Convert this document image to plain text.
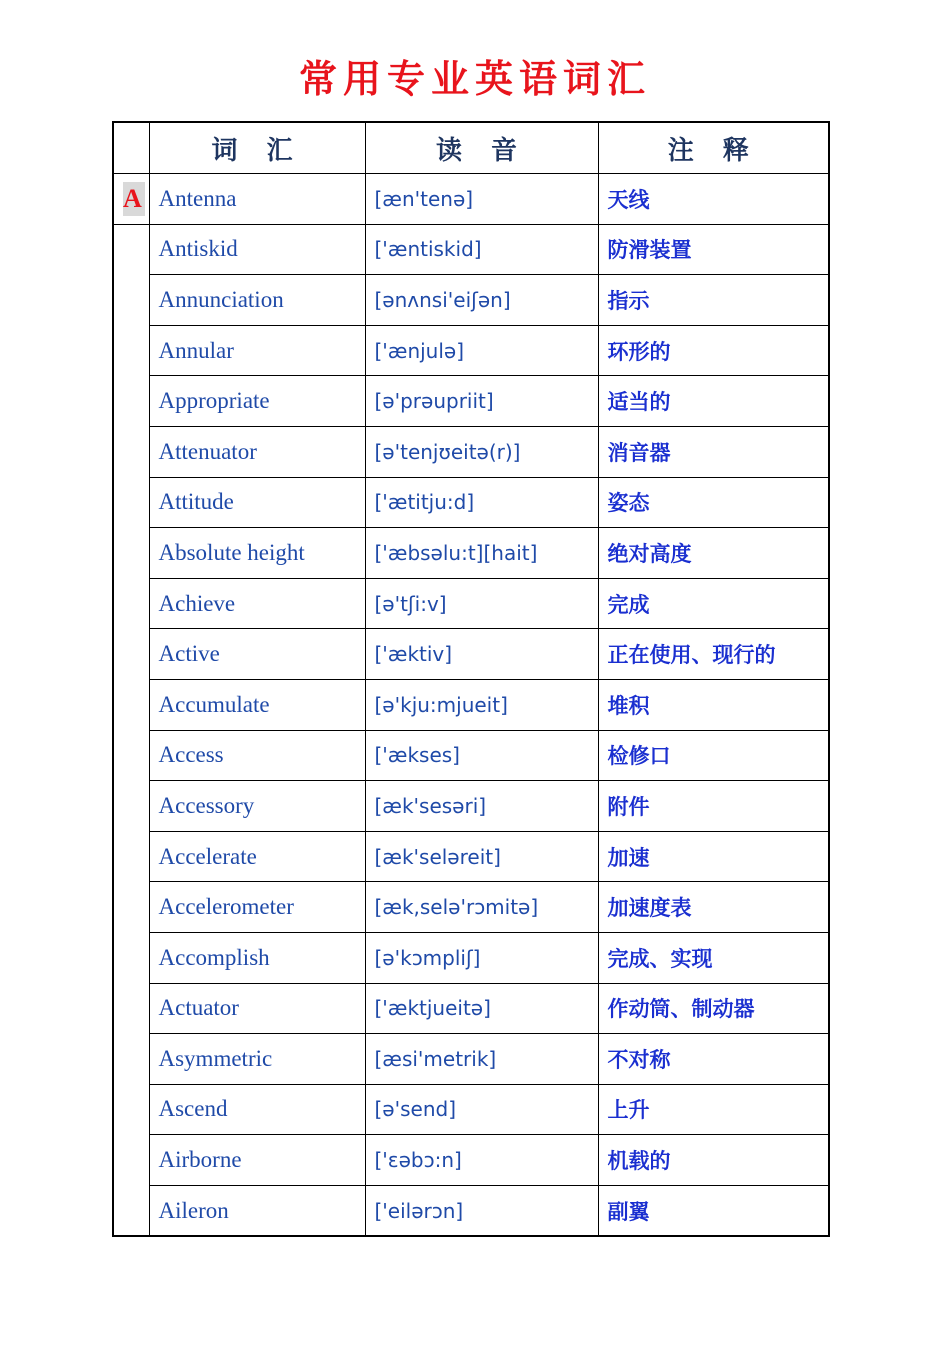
常用专业英语词汇
	词 汇	读 音	注 释
A	Antenna	[æn'tenə]	天线
	Antiskid	['æntiskid]	防滑装置
	Annunciation	[ənʌnsi'eiʃən]	指示
	Annular	['ænjulə]	环形的
	Appropriate	[ə'prəupriit]	适当的
	Attenuator	[ə'tenjʊeitə(r)]	消音器
	Attitude	['ætitju:d]	姿态
	Absolute height	['æbsəlu:t][hait]	绝对高度
	Achieve	[ə'tʃi:v]	完成
	Active	['æktiv]	正在使用、现行的
	Accumulate	[ə'kju:mjueit]	堆积
	Access	['ækses]	检修口
	Accessory	[æk'sesəri]	附件
	Accelerate	[æk'seləreit]	加速
	Accelerometer	[æk,selə'rɔmitə]	加速度表
	Accomplish	[ə'kɔmpliʃ]	完成、实现
	Actuator	['æktjueitə]	作动筒、制动器
	Asymmetric	[æsi'metrik]	不对称
	Ascend	[ə'send]	上升
	Airborne	['ɛəbɔ:n]	机载的
	Aileron	['eilərɔn]	副翼
